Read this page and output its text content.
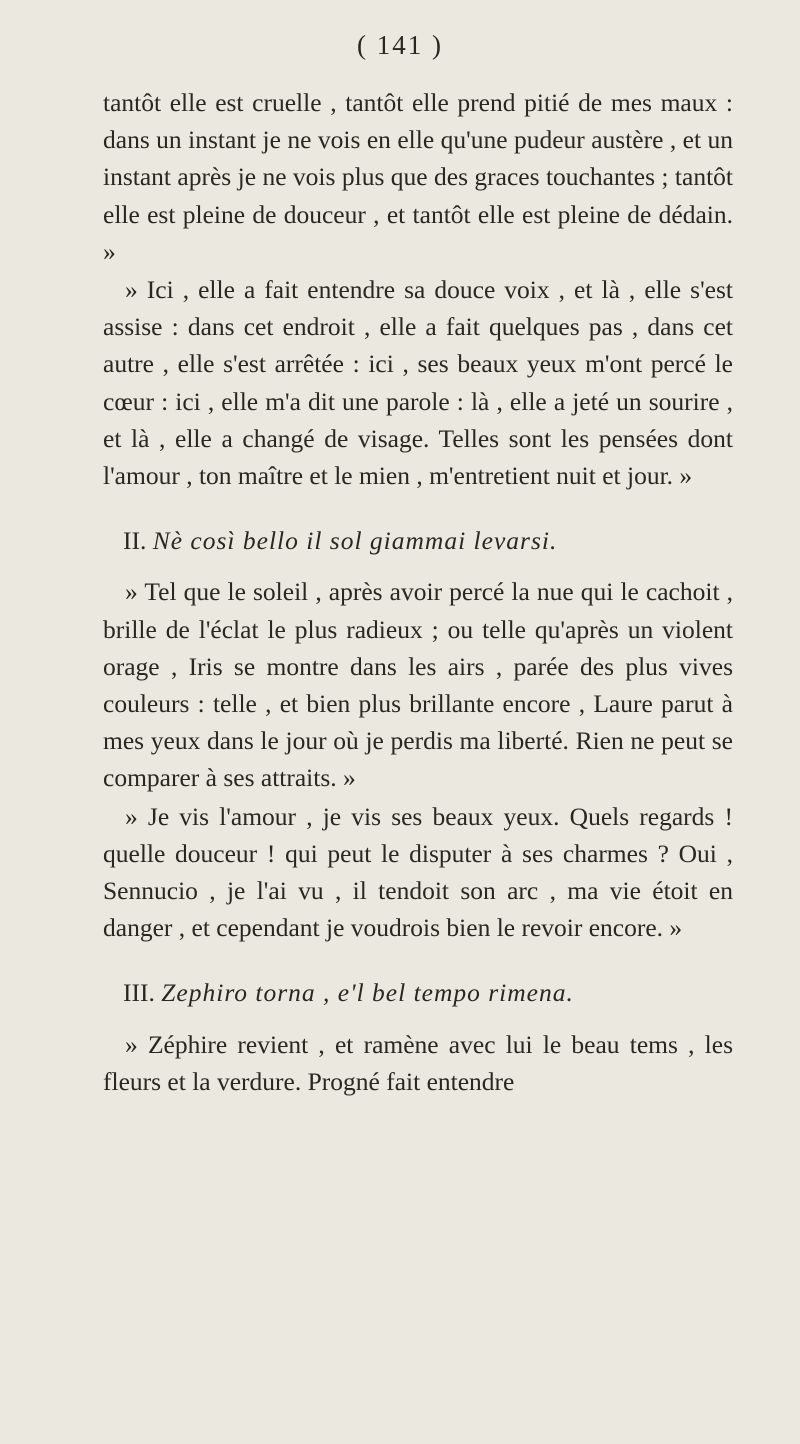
( 141 )

tantôt elle est cruelle , tantôt elle prend pitié de mes maux : dans un instant je ne vois en elle qu'une pudeur austère , et un instant après je ne vois plus que des graces touchantes ; tantôt elle est pleine de douceur , et tantôt elle est pleine de dédain. »

» Ici , elle a fait entendre sa douce voix , et là , elle s'est assise : dans cet endroit , elle a fait quelques pas , dans cet autre , elle s'est arrêtée : ici , ses beaux yeux m'ont percé le cœur : ici , elle m'a dit une parole : là , elle a jeté un sourire , et là , elle a changé de visage. Telles sont les pensées dont l'amour , ton maître et le mien , m'entretient nuit et jour. »

II. Nè così bello il sol giammai levarsi.

» Tel que le soleil , après avoir percé la nue qui le cachoit , brille de l'éclat le plus radieux ; ou telle qu'après un violent orage , Iris se montre dans les airs , parée des plus vives couleurs : telle , et bien plus brillante encore , Laure parut à mes yeux dans le jour où je perdis ma liberté. Rien ne peut se comparer à ses attraits. »

» Je vis l'amour , je vis ses beaux yeux. Quels regards ! quelle douceur ! qui peut le disputer à ses charmes ? Oui , Sennucio , je l'ai vu , il tendoit son arc , ma vie étoit en danger , et cependant je voudrois bien le revoir encore. »

III. Zephiro torna , e'l bel tempo rimena.

» Zéphire revient , et ramène avec lui le beau tems , les fleurs et la verdure. Progné fait entendre
